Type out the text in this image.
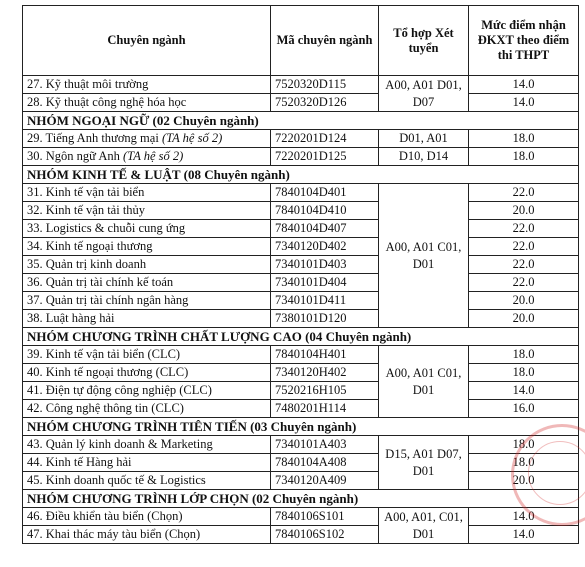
Chuyên ngành	Mã chuyên ngành	Tổ hợp Xét tuyển	Mức điểm nhận ĐKXT theo điểm thi THPT
27. Kỹ thuật môi trường	7520320D115	A00, A01 D01, D07	14.0
28. Kỹ thuật công nghệ hóa học	7520320D126		14.0
NHÓM NGOẠI NGỮ (02 Chuyên ngành)			
29. Tiếng Anh thương mại (TA hệ số 2)	7220201D124	D01, A01	18.0
30. Ngôn ngữ Anh (TA hệ số 2)	7220201D125	D10, D14	18.0
NHÓM KINH TẾ & LUẬT (08 Chuyên ngành)			
31. Kinh tế vận tải biển	7840104D401	A00, A01 C01, D01	22.0
32. Kinh tế vận tải thủy	7840104D410		20.0
33. Logistics & chuỗi cung ứng	7840104D407		22.0
34. Kinh tế ngoại thương	7340120D402		22.0
35. Quản trị kinh doanh	7340101D403		22.0
36. Quản trị tài chính kế toán	7340101D404		22.0
37. Quản trị tài chính ngân hàng	7340101D411		20.0
38. Luật hàng hải	7380101D120		20.0
NHÓM CHƯƠNG TRÌNH CHẤT LƯỢNG CAO (04 Chuyên ngành)			
39. Kinh tế vận tải biển (CLC)	7840104H401	A00, A01 C01, D01	18.0
40. Kinh tế ngoại thương (CLC)	7340120H402		18.0
41. Điện tự động công nghiệp (CLC)	7520216H105		14.0
42. Công nghệ thông tin (CLC)	7480201H114		16.0
NHÓM CHƯƠNG TRÌNH TIÊN TIẾN (03 Chuyên ngành)			
43. Quản lý kinh doanh & Marketing	7340101A403	D15, A01 D07, D01	18.0
44. Kinh tế Hàng hải	7840104A408		18.0
45. Kinh doanh quốc tế & Logistics	7340120A409		20.0
NHÓM CHƯƠNG TRÌNH LỚP CHỌN (02 Chuyên ngành)			
46. Điều khiển tàu biển (Chọn)	7840106S101	A00, A01, C01, D01	14.0
47. Khai thác máy tàu biển (Chọn)	7840106S102		14.0
